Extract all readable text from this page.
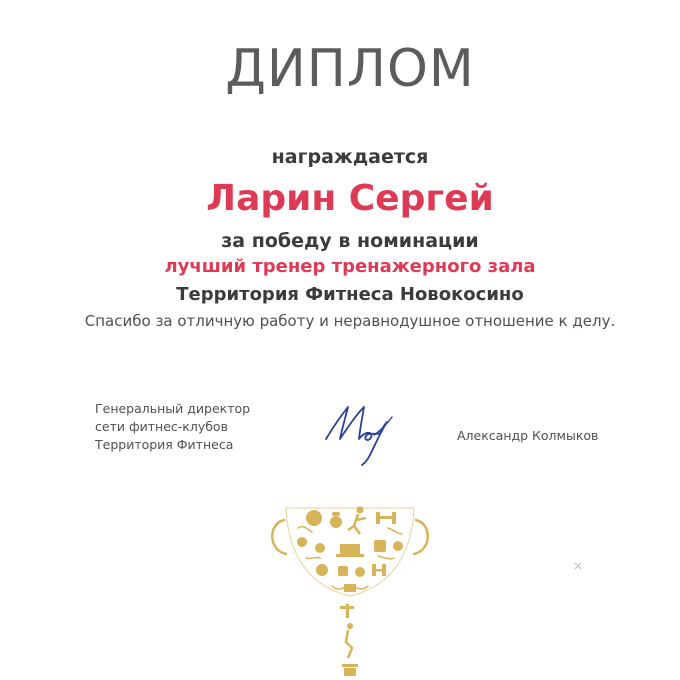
ДИПЛОМ
награждается
Ларин Сергей
за победу в номинации
лучший тренер тренажерного зала
Территория Фитнеса Новокосино
Спасибо за отличную работу и неравнодушное отношение к делу.
Генеральный директор
сети фитнес-клубов
Территория Фитнеса
Александр Колмыков
